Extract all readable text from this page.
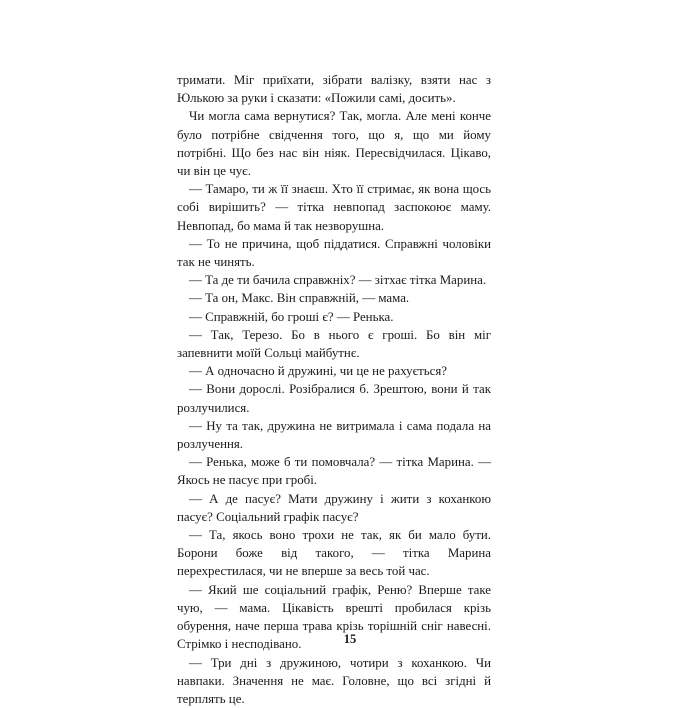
тримати. Міг приїхати, зібрати валізку, взяти нас з Юлькою за руки і сказати: «Пожили самі, досить».

Чи могла сама вернутися? Так, могла. Але мені конче було потрібне свідчення того, що я, що ми йому потрібні. Що без нас він ніяк. Пересвідчилася. Цікаво, чи він це чує.

— Тамаро, ти ж її знаєш. Хто її стримає, як вона щось собі вирішить? — тітка невпопад заспокоює маму. Невпопад, бо мама й так незворушна.

— То не причина, щоб піддатися. Справжні чоловіки так не чинять.

— Та де ти бачила справжніх? — зітхає тітка Марина.

— Та он, Макс. Він справжній, — мама.

— Справжній, бо гроші є? — Ренька.

— Так, Терезо. Бо в нього є гроші. Бо він міг запевнити моїй Сольці майбутнє.

— А одночасно й дружині, чи це не рахується?

— Вони дорослі. Розібралися б. Зрештою, вони й так розлучилися.

— Ну та так, дружина не витримала і сама подала на розлучення.

— Ренька, може б ти помовчала? — тітка Марина. — Якось не пасує при гробі.

— А де пасує? Мати дружину і жити з коханкою пасує? Соціальний графік пасує?

— Та, якось воно трохи не так, як би мало бути. Борони боже від такого, — тітка Марина перехрестилася, чи не вперше за весь той час.

— Який ше соціальний графік, Реню? Вперше таке чую, — мама. Цікавість врешті пробилася крізь обурення, наче перша трава крізь торішній сніг навесні. Стрімко і несподівано.

— Три дні з дружиною, чотири з коханкою. Чи навпаки. Значення не має. Головне, що всі згідні й терплять це.

15
